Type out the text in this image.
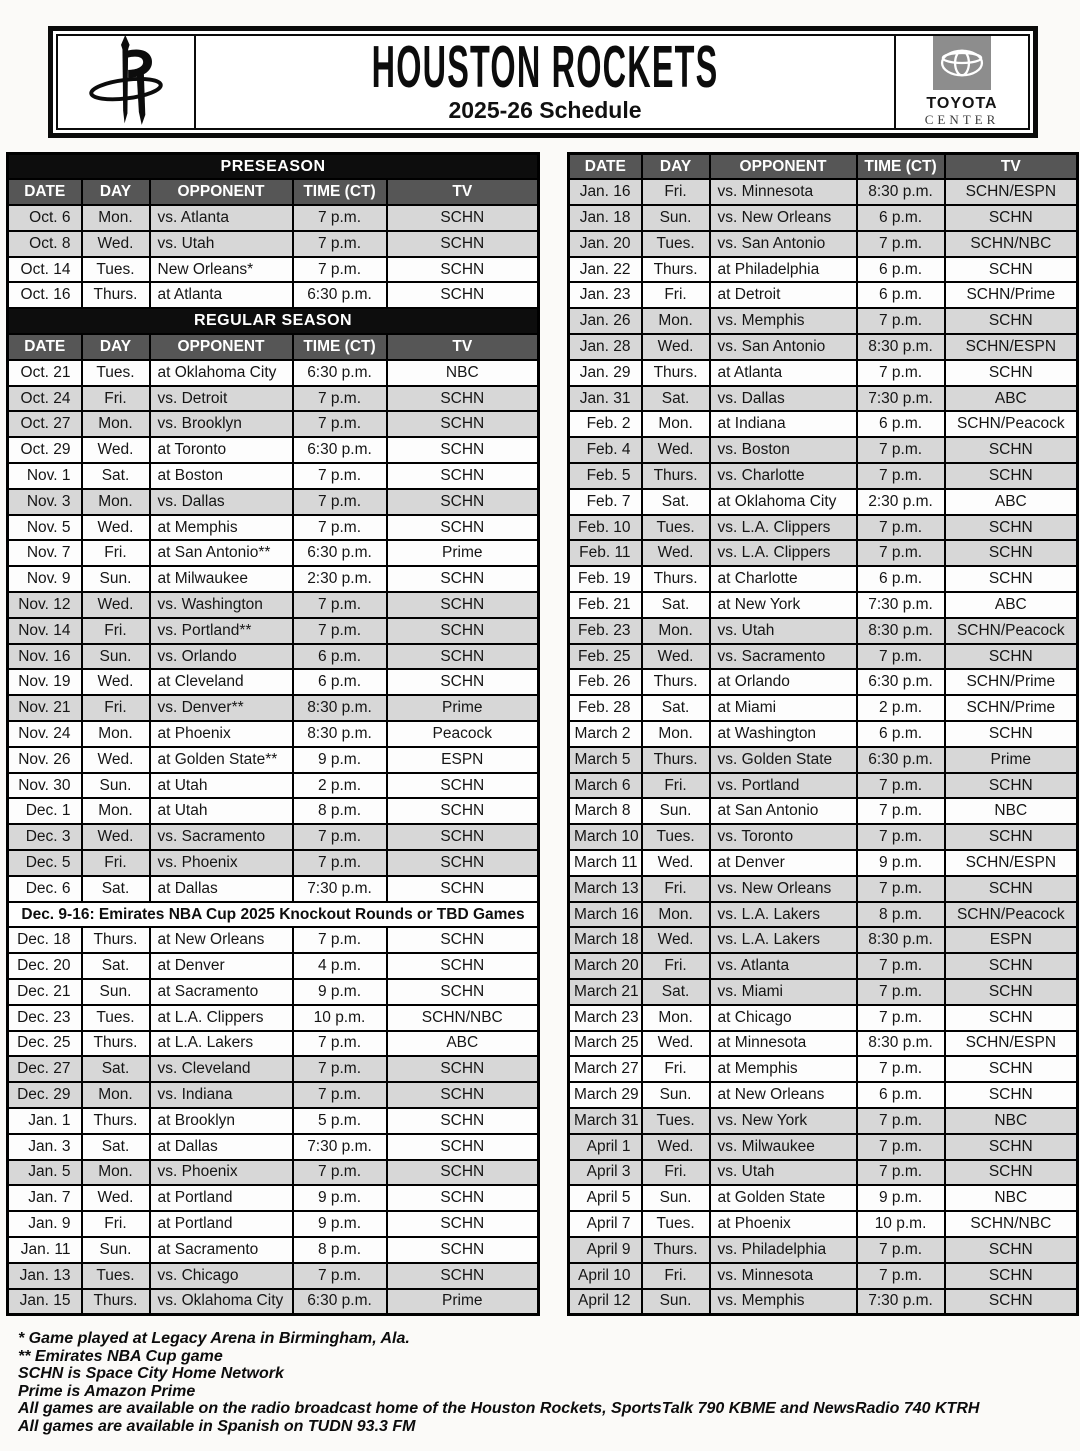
HOUSTON ROCKETS
2025-26 Schedule	TOYOTA
CENTER
PRESEASON				
DATE	DAY	OPPONENT	TIME (CT)	TV
Oct. 6	Mon.	vs. Atlanta	7 p.m.	SCHN
Oct. 8	Wed.	vs. Utah	7 p.m.	SCHN
Oct. 14	Tues.	New Orleans*	7 p.m.	SCHN
Oct. 16	Thurs.	at Atlanta	6:30 p.m.	SCHN
REGULAR SEASON				
DATE	DAY	OPPONENT	TIME (CT)	TV
Oct. 21	Tues.	at Oklahoma City	6:30 p.m.	NBC
Oct. 24	Fri.	vs. Detroit	7 p.m.	SCHN
Oct. 27	Mon.	vs. Brooklyn	7 p.m.	SCHN
Oct. 29	Wed.	at Toronto	6:30 p.m.	SCHN
Nov. 1	Sat.	at Boston	7 p.m.	SCHN
Nov. 3	Mon.	vs. Dallas	7 p.m.	SCHN
Nov. 5	Wed.	at Memphis	7 p.m.	SCHN
Nov. 7	Fri.	at San Antonio**	6:30 p.m.	Prime
Nov. 9	Sun.	at Milwaukee	2:30 p.m.	SCHN
Nov. 12	Wed.	vs. Washington	7 p.m.	SCHN
Nov. 14	Fri.	vs. Portland**	7 p.m.	SCHN
Nov. 16	Sun.	vs. Orlando	6 p.m.	SCHN
Nov. 19	Wed.	at Cleveland	6 p.m.	SCHN
Nov. 21	Fri.	vs. Denver**	8:30 p.m.	Prime
Nov. 24	Mon.	at Phoenix	8:30 p.m.	Peacock
Nov. 26	Wed.	at Golden State**	9 p.m.	ESPN
Nov. 30	Sun.	at Utah	2 p.m.	SCHN
Dec. 1	Mon.	at Utah	8 p.m.	SCHN
Dec. 3	Wed.	vs. Sacramento	7 p.m.	SCHN
Dec. 5	Fri.	vs. Phoenix	7 p.m.	SCHN
Dec. 6	Sat.	at Dallas	7:30 p.m.	SCHN
Dec. 9-16: Emirates NBA Cup 2025 Knockout Rounds or TBD Games				
Dec. 18	Thurs.	at New Orleans	7 p.m.	SCHN
Dec. 20	Sat.	at Denver	4 p.m.	SCHN
Dec. 21	Sun.	at Sacramento	9 p.m.	SCHN
Dec. 23	Tues.	at L.A. Clippers	10 p.m.	SCHN/NBC
Dec. 25	Thurs.	at L.A. Lakers	7 p.m.	ABC
Dec. 27	Sat.	vs. Cleveland	7 p.m.	SCHN
Dec. 29	Mon.	vs. Indiana	7 p.m.	SCHN
Jan. 1	Thurs.	at Brooklyn	5 p.m.	SCHN
Jan. 3	Sat.	at Dallas	7:30 p.m.	SCHN
Jan. 5	Mon.	vs. Phoenix	7 p.m.	SCHN
Jan. 7	Wed.	at Portland	9 p.m.	SCHN
Jan. 9	Fri.	at Portland	9 p.m.	SCHN
Jan. 11	Sun.	at Sacramento	8 p.m.	SCHN
Jan. 13	Tues.	vs. Chicago	7 p.m.	SCHN
Jan. 15	Thurs.	vs. Oklahoma City	6:30 p.m.	Prime
DATE	DAY	OPPONENT	TIME (CT)	TV
Jan. 16	Fri.	vs. Minnesota	8:30 p.m.	SCHN/ESPN
Jan. 18	Sun.	vs. New Orleans	6 p.m.	SCHN
Jan. 20	Tues.	vs. San Antonio	7 p.m.	SCHN/NBC
Jan. 22	Thurs.	at Philadelphia	6 p.m.	SCHN
Jan. 23	Fri.	at Detroit	6 p.m.	SCHN/Prime
Jan. 26	Mon.	vs. Memphis	7 p.m.	SCHN
Jan. 28	Wed.	vs. San Antonio	8:30 p.m.	SCHN/ESPN
Jan. 29	Thurs.	at Atlanta	7 p.m.	SCHN
Jan. 31	Sat.	vs. Dallas	7:30 p.m.	ABC
Feb. 2	Mon.	at Indiana	6 p.m.	SCHN/Peacock
Feb. 4	Wed.	vs. Boston	7 p.m.	SCHN
Feb. 5	Thurs.	vs. Charlotte	7 p.m.	SCHN
Feb. 7	Sat.	at Oklahoma City	2:30 p.m.	ABC
Feb. 10	Tues.	vs. L.A. Clippers	7 p.m.	SCHN
Feb. 11	Wed.	vs. L.A. Clippers	7 p.m.	SCHN
Feb. 19	Thurs.	at Charlotte	6 p.m.	SCHN
Feb. 21	Sat.	at New York	7:30 p.m.	ABC
Feb. 23	Mon.	vs. Utah	8:30 p.m.	SCHN/Peacock
Feb. 25	Wed.	vs. Sacramento	7 p.m.	SCHN
Feb. 26	Thurs.	at Orlando	6:30 p.m.	SCHN/Prime
Feb. 28	Sat.	at Miami	2 p.m.	SCHN/Prime
March 2	Mon.	at Washington	6 p.m.	SCHN
March 5	Thurs.	vs. Golden State	6:30 p.m.	Prime
March 6	Fri.	vs. Portland	7 p.m.	SCHN
March 8	Sun.	at San Antonio	7 p.m.	NBC
March 10	Tues.	vs. Toronto	7 p.m.	SCHN
March 11	Wed.	at Denver	9 p.m.	SCHN/ESPN
March 13	Fri.	vs. New Orleans	7 p.m.	SCHN
March 16	Mon.	vs. L.A. Lakers	8 p.m.	SCHN/Peacock
March 18	Wed.	vs. L.A. Lakers	8:30 p.m.	ESPN
March 20	Fri.	vs. Atlanta	7 p.m.	SCHN
March 21	Sat.	vs. Miami	7 p.m.	SCHN
March 23	Mon.	at Chicago	7 p.m.	SCHN
March 25	Wed.	at Minnesota	8:30 p.m.	SCHN/ESPN
March 27	Fri.	at Memphis	7 p.m.	SCHN
March 29	Sun.	at New Orleans	6 p.m.	SCHN
March 31	Tues.	vs. New York	7 p.m.	NBC
April 1	Wed.	vs. Milwaukee	7 p.m.	SCHN
April 3	Fri.	vs. Utah	7 p.m.	SCHN
April 5	Sun.	at Golden State	9 p.m.	NBC
April 7	Tues.	at Phoenix	10 p.m.	SCHN/NBC
April 9	Thurs.	vs. Philadelphia	7 p.m.	SCHN
April 10	Fri.	vs. Minnesota	7 p.m.	SCHN
April 12	Sun.	vs. Memphis	7:30 p.m.	SCHN
* Game played at Legacy Arena in Birmingham, Ala.
** Emirates NBA Cup game
SCHN is Space City Home Network
Prime is Amazon Prime
All games are available on the radio broadcast home of the Houston Rockets, SportsTalk 790 KBME and NewsRadio 740 KTRH
All games are available in Spanish on TUDN 93.3 FM
